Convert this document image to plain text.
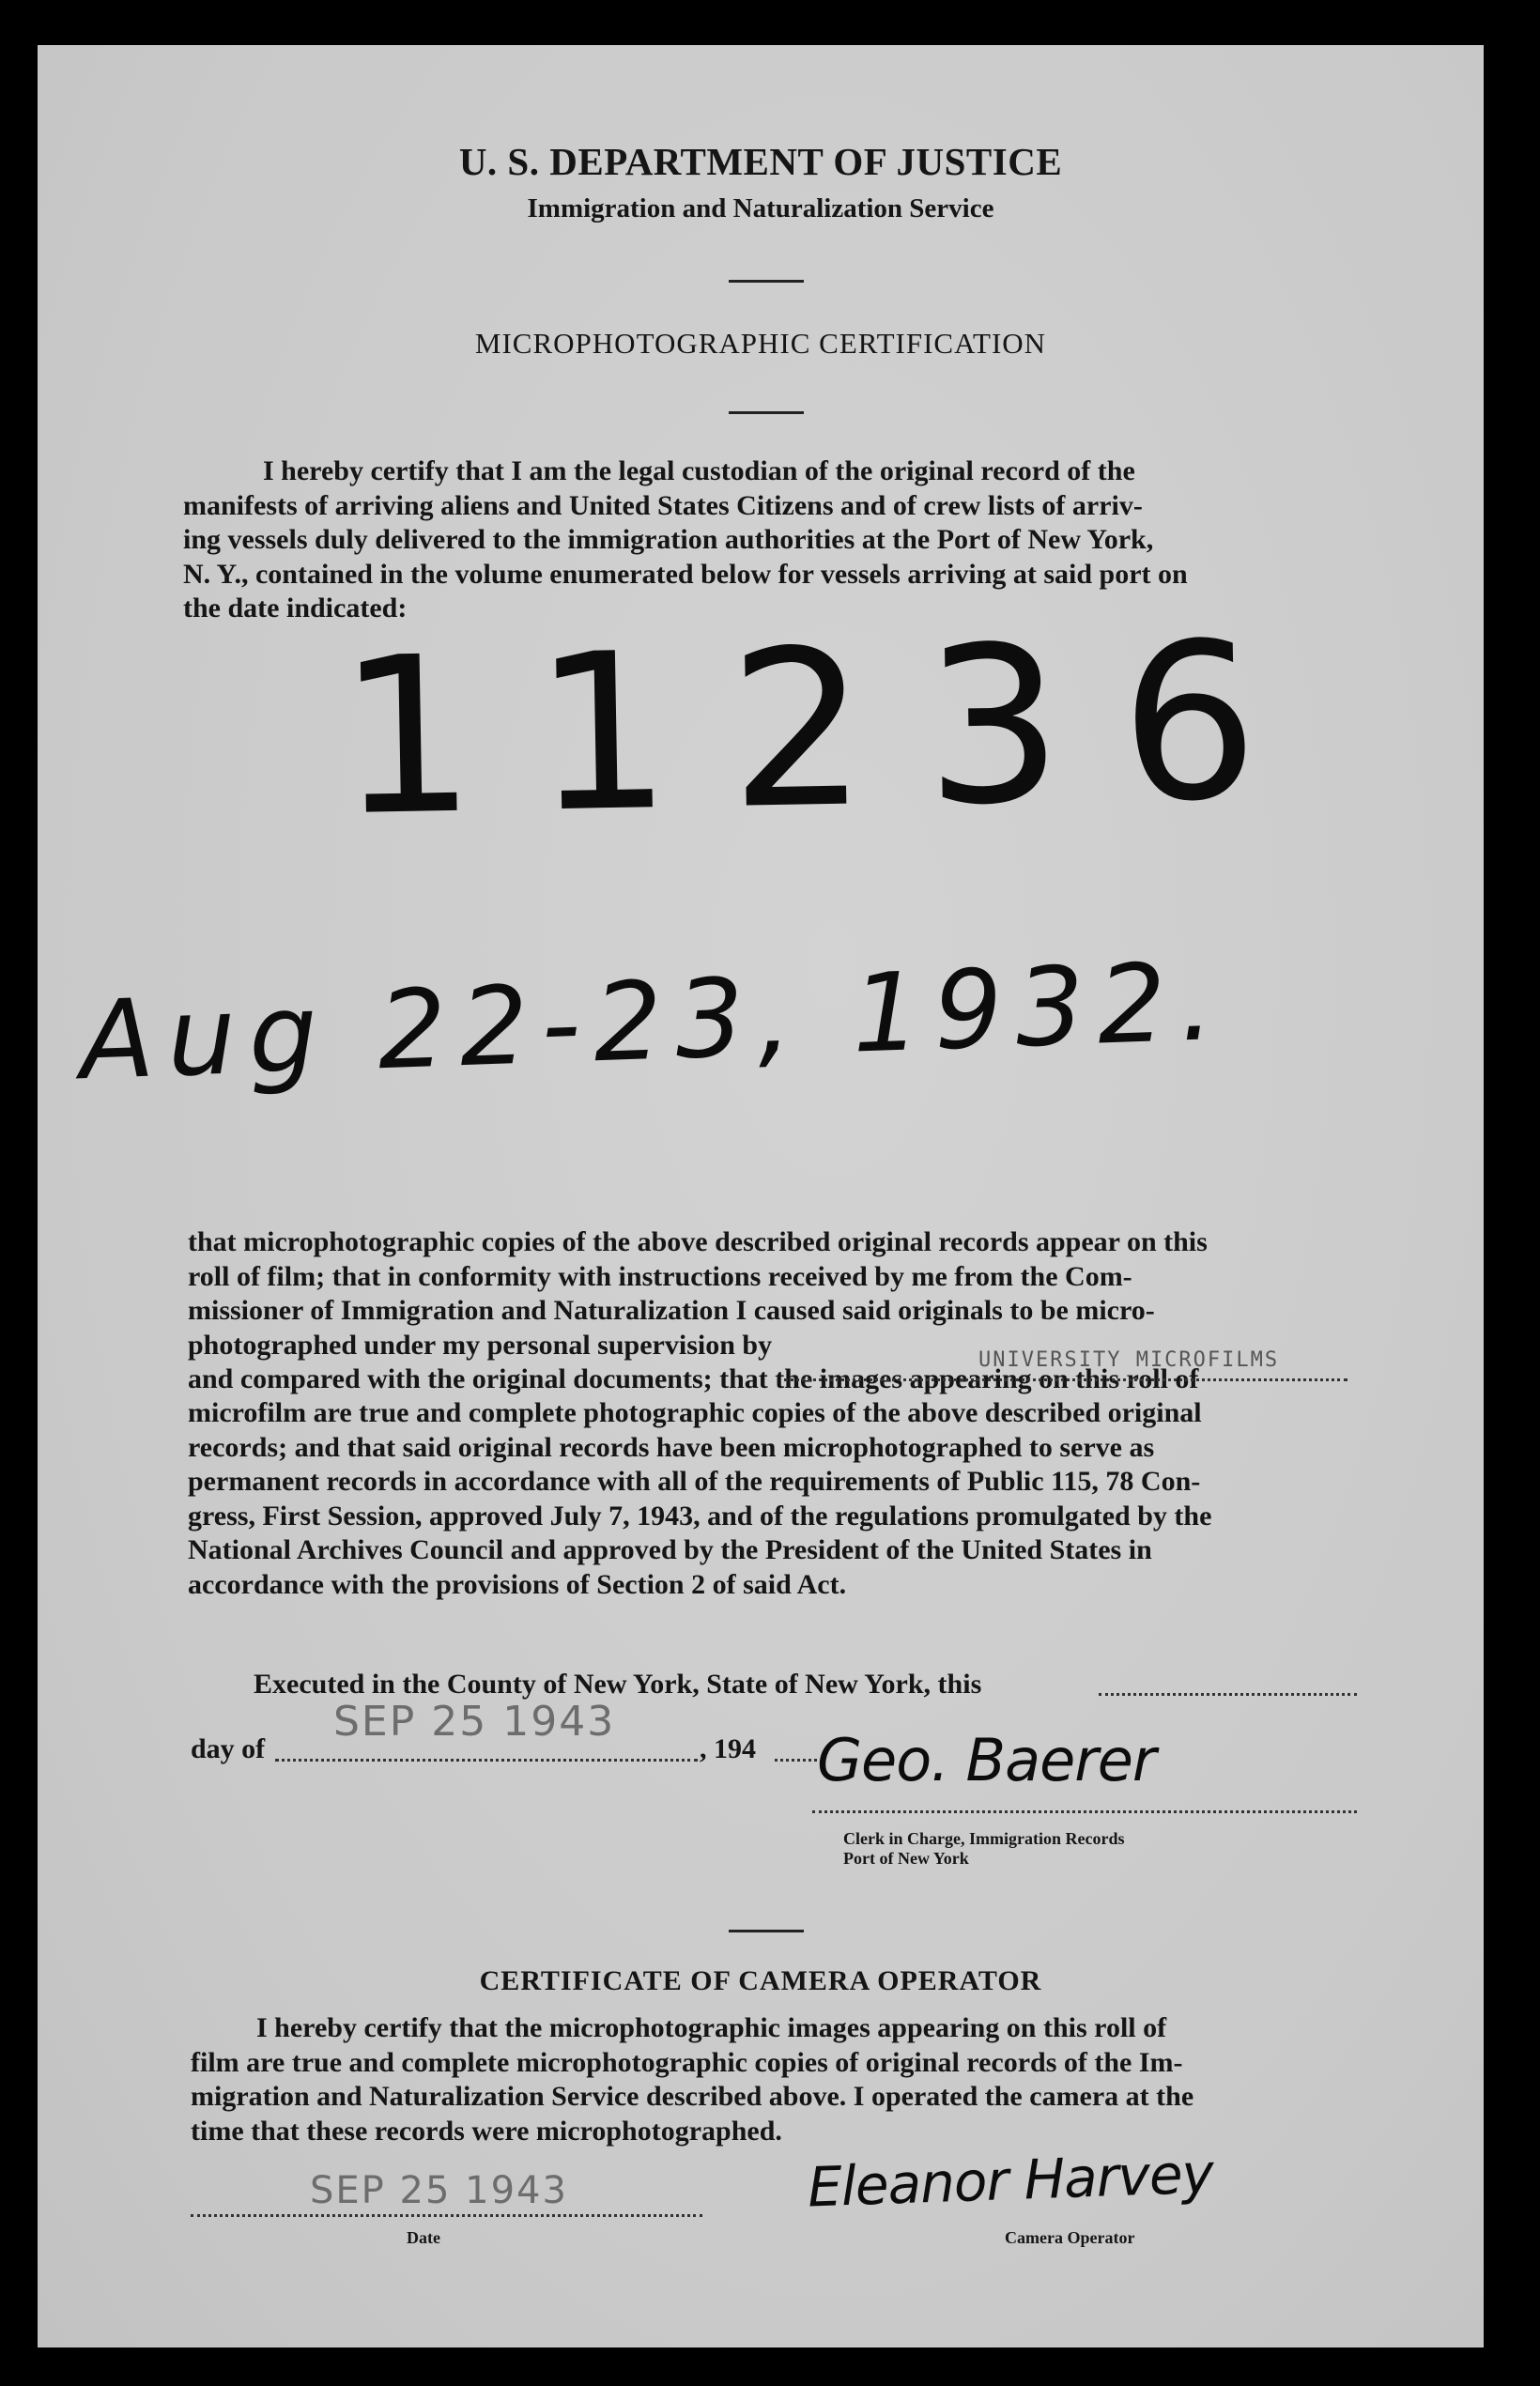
U. S. DEPARTMENT OF JUSTICE
Immigration and Naturalization Service
MICROPHOTOGRAPHIC CERTIFICATION

I hereby certify that I am the legal custodian of the original record of the

manifests of arriving aliens and United States Citizens and of crew lists of arriv-

ing vessels duly delivered to the immigration authorities at the Port of New York,

N. Y., contained in the volume enumerated below for vessels arriving at said port on

the date indicated:

11236
Aug 22-23, 1932.

that microphotographic copies of the above described original records appear on this

roll of film; that in conformity with instructions received by me from the Com-

missioner of Immigration and Naturalization I caused said originals to be micro-

photographed under my personal supervision by

and compared with the original documents; that the images appearing on this roll of

microfilm are true and complete photographic copies of the above described original

records; and that said original records have been microphotographed to serve as

permanent records in accordance with all of the requirements of Public 115, 78 Con-

gress, First Session, approved July 7, 1943, and of the regulations promulgated by the

National Archives Council and approved by the President of the United States in

accordance with the provisions of Section 2 of said Act.

UNIVERSITY MICROFILMS
Executed in the County of New York, State of New York, this
day of	, 194
SEP 25 1943
Geo. Baerer
Clerk in Charge, Immigration Records
Port of New York
CERTIFICATE OF CAMERA OPERATOR

I hereby certify that the microphotographic images appearing on this roll of

film are true and complete microphotographic copies of original records of the Im-

migration and Naturalization Service described above. I operated the camera at the

time that these records were microphotographed.

SEP 25 1943
Date
Eleanor Harvey
Camera Operator
